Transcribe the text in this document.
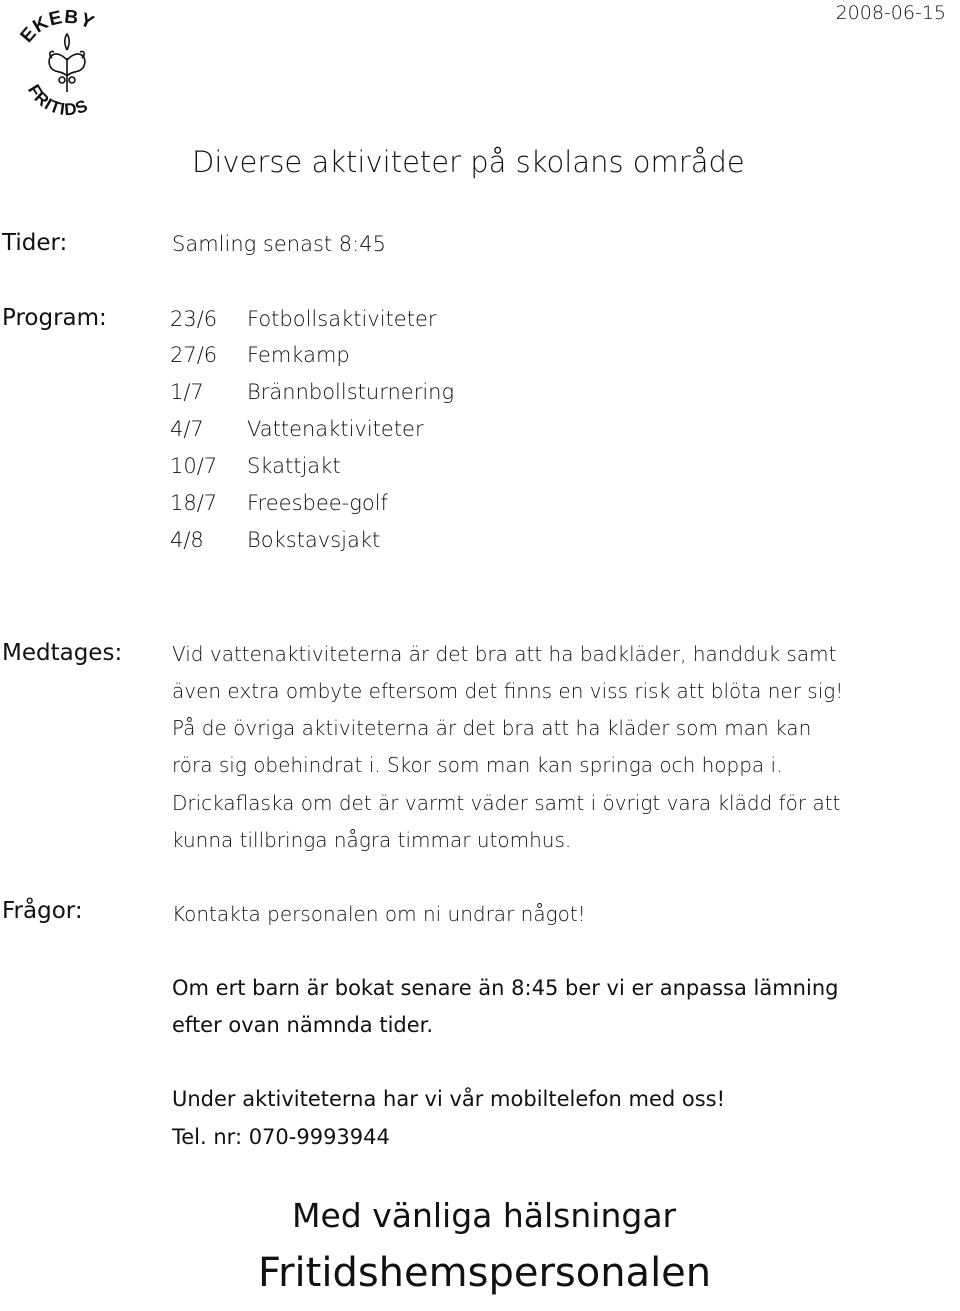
EKEBY
FRITIDS
2008-06-15
Diverse aktiviteter på skolans område
Tider:	Samling senast 8:45
Program:	23/6	Fotbollsaktiviteter
27/6	Femkamp
1/7	Brännbollsturnering
4/7	Vattenaktiviteter
10/7	Skattjakt
18/7	Freesbee-golf
4/8	Bokstavsjakt
Medtages: Vid vattenaktiviteterna är det bra att ha badkläder, handduk samt
även extra ombyte eftersom det finns en viss risk att blöta ner sig!
På de övriga aktiviteterna är det bra att ha kläder som man kan
röra sig obehindrat i. Skor som man kan springa och hoppa i.
Drickaflaska om det är varmt väder samt i övrigt vara klädd för att
kunna tillbringa några timmar utomhus.
Frågor:	Kontakta personalen om ni undrar något!
Om ert barn är bokat senare än 8:45 ber vi er anpassa lämning
efter ovan nämnda tider.
Under aktiviteterna har vi vår mobiltelefon med oss!
Tel. nr: 070-9993944
Med vänliga hälsningar
Fritidshemspersonalen
